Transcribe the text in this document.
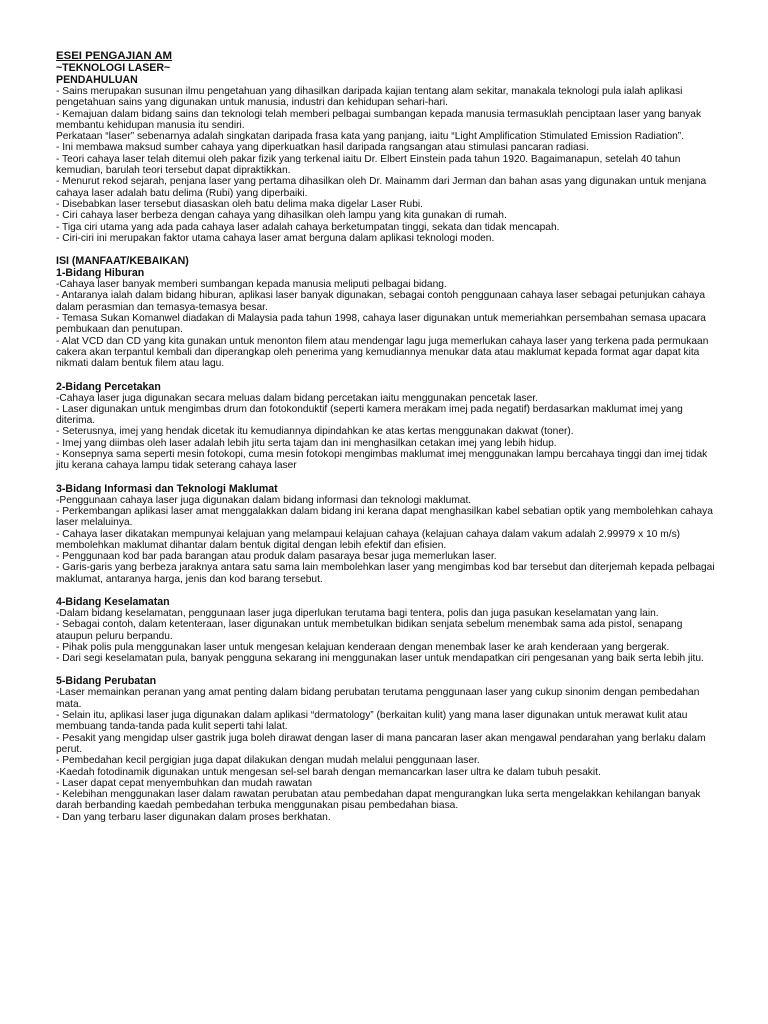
ESEI PENGAJIAN AM
~TEKNOLOGI LASER~
PENDAHULUAN
- Sains merupakan susunan ilmu pengetahuan yang dihasilkan daripada kajian tentang alam sekitar, manakala teknologi pula ialah aplikasi pengetahuan sains yang digunakan untuk manusia, industri dan kehidupan sehari-hari.
- Kemajuan dalam bidang sains dan teknologi telah memberi pelbagai sumbangan kepada manusia termasuklah penciptaan laser yang banyak membantu kehidupan manusia itu sendiri.
Perkataan “laser” sebenarnya adalah singkatan daripada frasa kata yang panjang, iaitu “Light Amplification Stimulated Emission Radiation”.
- Ini membawa maksud sumber cahaya yang diperkuatkan hasil daripada rangsangan atau stimulasi pancaran radiasi.
- Teori cahaya laser telah ditemui oleh pakar fizik yang terkenal iaitu Dr. Elbert Einstein pada tahun 1920. Bagaimanapun, setelah 40 tahun kemudian, barulah teori tersebut dapat dipraktikkan.
- Menurut rekod sejarah, penjana laser yang pertama dihasilkan oleh Dr. Mainamm dari Jerman dan bahan asas yang digunakan untuk menjana cahaya laser adalah batu delima (Rubi) yang diperbaiki.
- Disebabkan laser tersebut diasaskan oleh batu delima maka digelar Laser Rubi.
- Ciri cahaya laser berbeza dengan cahaya yang dihasilkan oleh lampu yang kita gunakan di rumah.
- Tiga ciri utama yang ada pada cahaya laser adalah cahaya berketumpatan tinggi, sekata dan tidak mencapah.
- Ciri-ciri ini merupakan faktor utama cahaya laser amat berguna dalam aplikasi teknologi moden.
ISI (MANFAAT/KEBAIKAN)
1-Bidang Hiburan
-Cahaya laser banyak memberi sumbangan kepada manusia meliputi pelbagai bidang.
- Antaranya ialah dalam bidang hiburan, aplikasi laser banyak digunakan, sebagai contoh penggunaan cahaya laser sebagai petunjukan cahaya dalam perasmian dan temasya-temasya besar.
- Temasa Sukan Komanwel diadakan di Malaysia pada tahun 1998, cahaya laser digunakan untuk memeriahkan persembahan semasa upacara pembukaan dan penutupan.
- Alat VCD dan CD yang kita gunakan untuk menonton filem atau mendengar lagu juga memerlukan cahaya laser yang terkena pada permukaan cakera akan terpantul kembali dan diperangkap oleh penerima yang kemudiannya menukar data atau maklumat kepada format agar dapat kita nikmati dalam bentuk filem atau lagu.
2-Bidang Percetakan
-Cahaya laser juga digunakan secara meluas dalam bidang percetakan iaitu menggunakan pencetak laser.
- Laser digunakan untuk mengimbas drum dan fotokonduktif (seperti kamera merakam imej pada negatif) berdasarkan maklumat imej yang diterima.
- Seterusnya, imej yang hendak dicetak itu kemudiannya dipindahkan ke atas kertas menggunakan dakwat (toner).
- Imej yang diimbas oleh laser adalah lebih jitu serta tajam dan ini menghasilkan cetakan imej yang lebih hidup.
- Konsepnya sama seperti mesin fotokopi, cuma mesin fotokopi mengimbas maklumat imej menggunakan lampu bercahaya tinggi dan imej tidak jitu kerana cahaya lampu tidak seterang cahaya laser
3-Bidang Informasi dan Teknologi Maklumat
-Penggunaan cahaya laser juga digunakan dalam bidang informasi dan teknologi maklumat.
- Perkembangan aplikasi laser amat menggalakkan dalam bidang ini kerana dapat menghasilkan kabel sebatian optik yang membolehkan cahaya laser melaluinya.
- Cahaya laser dikatakan mempunyai kelajuan yang melampaui kelajuan cahaya (kelajuan cahaya dalam vakum adalah 2.99979 x 10 m/s) membolehkan maklumat dihantar dalam bentuk digital dengan lebih efektif dan efisien.
- Penggunaan kod bar pada barangan atau produk dalam pasaraya besar juga memerlukan laser.
- Garis-garis yang berbeza jaraknya antara satu sama lain membolehkan laser yang mengimbas kod bar tersebut dan diterjemah kepada pelbagai maklumat, antaranya harga, jenis dan kod barang tersebut.
4-Bidang Keselamatan
-Dalam bidang keselamatan, penggunaan laser juga diperlukan terutama bagi tentera, polis dan juga pasukan keselamatan yang lain.
- Sebagai contoh, dalam ketenteraan, laser digunakan untuk membetulkan bidikan senjata sebelum menembak sama ada pistol, senapang ataupun peluru berpandu.
- Pihak polis pula menggunakan laser untuk mengesan kelajuan kenderaan dengan menembak laser ke arah kenderaan yang bergerak.
- Dari segi keselamatan pula, banyak pengguna sekarang ini menggunakan laser untuk mendapatkan ciri pengesanan yang baik serta lebih jitu.
5-Bidang Perubatan
-Laser memainkan peranan yang amat penting dalam bidang perubatan terutama penggunaan laser yang cukup sinonim dengan pembedahan mata.
- Selain itu, aplikasi laser juga digunakan dalam aplikasi “dermatology” (berkaitan kulit) yang mana laser digunakan untuk merawat kulit atau membuang tanda-tanda pada kulit seperti tahi lalat.
- Pesakit yang mengidap ulser gastrik juga boleh dirawat dengan laser di mana pancaran laser akan mengawal pendarahan yang berlaku dalam perut.
- Pembedahan kecil pergigian juga dapat dilakukan dengan mudah melalui penggunaan laser.
-Kaedah fotodinamik digunakan untuk mengesan sel-sel barah dengan memancarkan laser ultra ke dalam tubuh pesakit.
- Laser dapat cepat menyembuhkan dan mudah rawatan
- Kelebihan menggunakan laser dalam rawatan perubatan atau pembedahan dapat mengurangkan luka serta mengelakkan kehilangan banyak darah berbanding kaedah pembedahan terbuka menggunakan pisau pembedahan biasa.
- Dan yang terbaru laser digunakan dalam proses berkhatan.
